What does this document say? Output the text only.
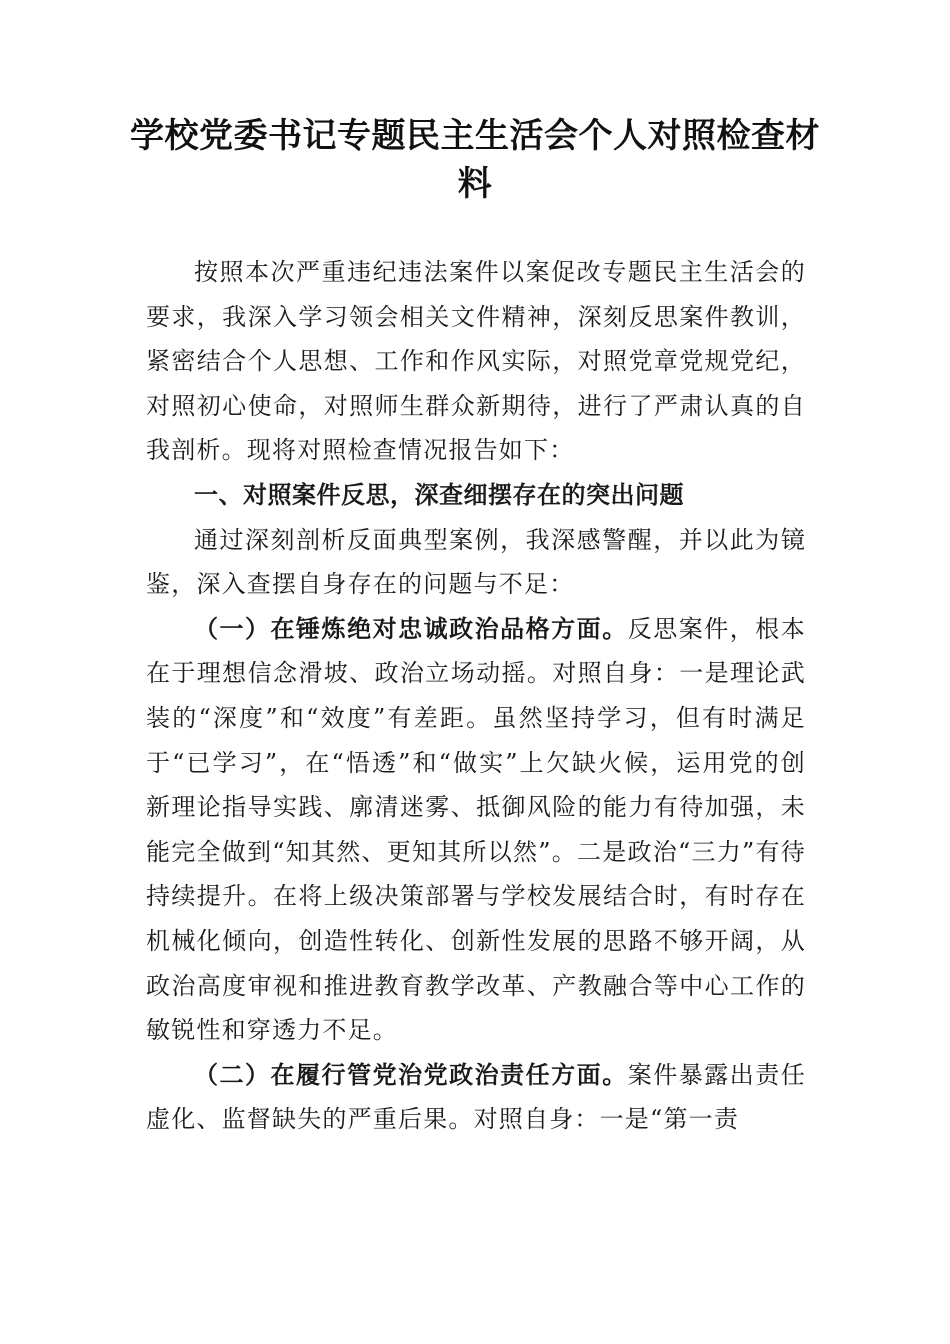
学校党委书记专题民主生活会个人对照检查材料

按照本次严重违纪违法案件以案促改专题民主生活会的要求，我深入学习领会相关文件精神，深刻反思案件教训，紧密结合个人思想、工作和作风实际，对照党章党规党纪，对照初心使命，对照师生群众新期待，进行了严肃认真的自我剖析。现将对照检查情况报告如下：

一、对照案件反思，深查细摆存在的突出问题

通过深刻剖析反面典型案例，我深感警醒，并以此为镜鉴，深入查摆自身存在的问题与不足：

（一）在锤炼绝对忠诚政治品格方面。反思案件，根本在于理想信念滑坡、政治立场动摇。对照自身：一是理论武装的“深度”和“效度”有差距。虽然坚持学习，但有时满足于“已学习”，在“悟透”和“做实”上欠缺火候，运用党的创新理论指导实践、廓清迷雾、抵御风险的能力有待加强，未能完全做到“知其然、更知其所以然”。二是政治“三力”有待持续提升。在将上级决策部署与学校发展结合时，有时存在机械化倾向，创造性转化、创新性发展的思路不够开阔，从政治高度审视和推进教育教学改革、产教融合等中心工作的敏锐性和穿透力不足。

（二）在履行管党治党政治责任方面。案件暴露出责任虚化、监督缺失的严重后果。对照自身：一是“第一责
